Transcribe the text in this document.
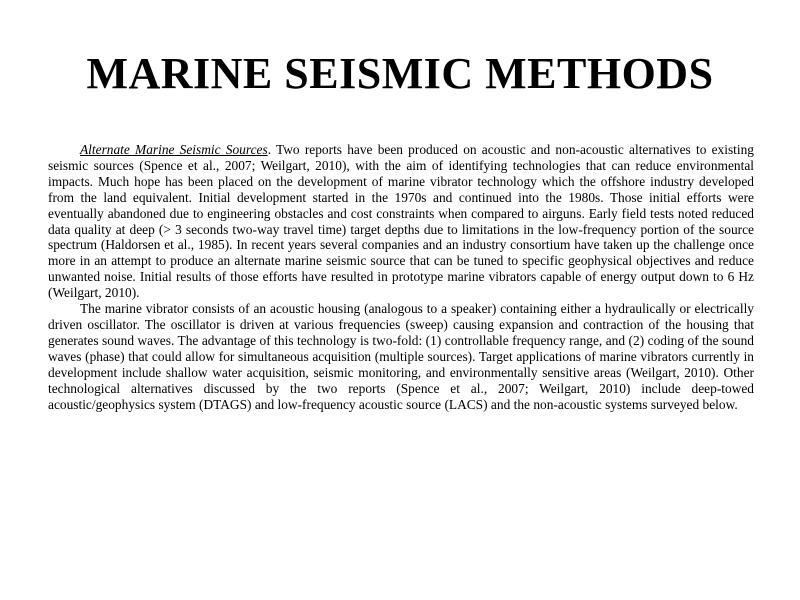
MARINE SEISMIC METHODS

Alternate Marine Seismic Sources. Two reports have been produced on acoustic and non-acoustic alternatives to existing seismic sources (Spence et al., 2007; Weilgart, 2010), with the aim of identifying technologies that can reduce environmental impacts. Much hope has been placed on the development of marine vibrator technology which the offshore industry developed from the land equivalent. Initial development started in the 1970s and continued into the 1980s. Those initial efforts were eventually abandoned due to engineering obstacles and cost constraints when compared to airguns. Early field tests noted reduced data quality at deep (> 3 seconds two-way travel time) target depths due to limitations in the low-frequency portion of the source spectrum (Haldorsen et al., 1985). In recent years several companies and an industry consortium have taken up the challenge once more in an attempt to produce an alternate marine seismic source that can be tuned to specific geophysical objectives and reduce unwanted noise. Initial results of those efforts have resulted in prototype marine vibrators capable of energy output down to 6 Hz (Weilgart, 2010).

The marine vibrator consists of an acoustic housing (analogous to a speaker) containing either a hydraulically or electrically driven oscillator. The oscillator is driven at various frequencies (sweep) causing expansion and contraction of the housing that generates sound waves. The advantage of this technology is two-fold: (1) controllable frequency range, and (2) coding of the sound waves (phase) that could allow for simultaneous acquisition (multiple sources). Target applications of marine vibrators currently in development include shallow water acquisition, seismic monitoring, and environmentally sensitive areas (Weilgart, 2010). Other technological alternatives discussed by the two reports (Spence et al., 2007; Weilgart, 2010) include deep-towed acoustic/geophysics system (DTAGS) and low-frequency acoustic source (LACS) and the non-acoustic systems surveyed below.
